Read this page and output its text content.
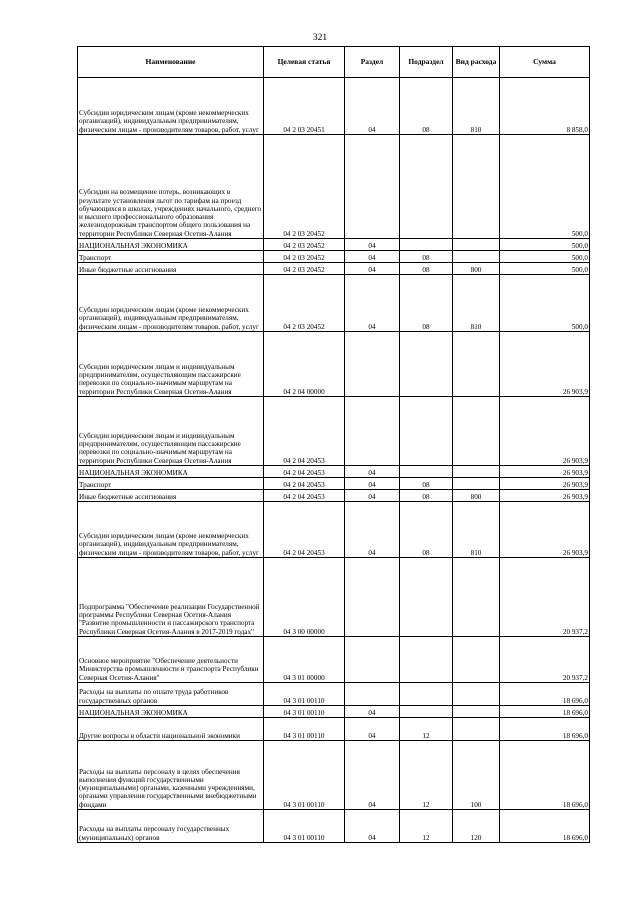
321
Наименование	Целевая статья	Раздел	Подраздел	Вид расхода	Сумма
Субсидии юридическим лицам (кроме некоммерческих организаций), индивидуальным предпринимателям, физическим лицам - производителям товаров, работ, услуг	04 2 03 20451	04	08	810	8 858,0
Субсидии на возмещение потерь, возникающих в результате установления льгот по тарифам на проезд обучающихся в школах, учреждениях начального, среднего и высшего профессионального образования железнодорожным транспортом общего пользования на территории Республики Северная Осетия-Алания	04 2 03 20452				500,0
НАЦИОНАЛЬНАЯ ЭКОНОМИКА	04 2 03 20452	04			500,0
Транспорт	04 2 03 20452	04	08		500,0
Иные бюджетные ассигнования	04 2 03 20452	04	08	800	500,0
Субсидии юридическим лицам (кроме некоммерческих организаций), индивидуальным предпринимателям, физическим лицам - производителям товаров, работ, услуг	04 2 03 20452	04	08	810	500,0
Субсидии юридическим лицам и индивидуальным предпринимателям, осуществляющим пассажирские перевозки по социально-значимым маршрутам на территории Республики Северная Осетия-Алания	04 2 04 00000				26 903,9
Субсидии юридическим лицам и индивидуальным предпринимателям, осуществляющим пассажирские перевозки по социально-значимым маршрутам на территории Республики Северная Осетия-Алания	04 2 04 20453				26 903,9
НАЦИОНАЛЬНАЯ ЭКОНОМИКА	04 2 04 20453	04			26 903,9
Транспорт	04 2 04 20453	04	08		26 903,9
Иные бюджетные ассигнования	04 2 04 20453	04	08	800	26 903,9
Субсидии юридическим лицам (кроме некоммерческих организаций), индивидуальным предпринимателям, физическим лицам - производителям товаров, работ, услуг	04 2 04 20453	04	08	810	26 903,9
Подпрограмма "Обеспечение реализации Государственной программы Республики Северная Осетия-Алания "Развитие промышленности и пассажирского транспорта Республики Северная Осетия-Алания в 2017-2019 годах"	04 3 00 00000				20 937,2
Основное мероприятие "Обеспечение деятельности Министерства промышленности и транспорта Республики Северная Осетия-Алания"	04 3 01 00000				20 937,2
Расходы на выплаты по оплате труда работников государственных органов	04 3 01 00110				18 696,0
НАЦИОНАЛЬНАЯ ЭКОНОМИКА	04 3 01 00110	04			18 696,0
Другие вопросы в области национальной экономики	04 3 01 00110	04	12		18 696,0
Расходы на выплаты персоналу в целях обеспечения выполнения функций государственными (муниципальными) органами, казенными учреждениями, органами управления государственными внебюджетными фондами	04 3 01 00110	04	12	100	18 696,0
Расходы на выплаты персоналу государственных (муниципальных) органов	04 3 01 00110	04	12	120	18 696,0
